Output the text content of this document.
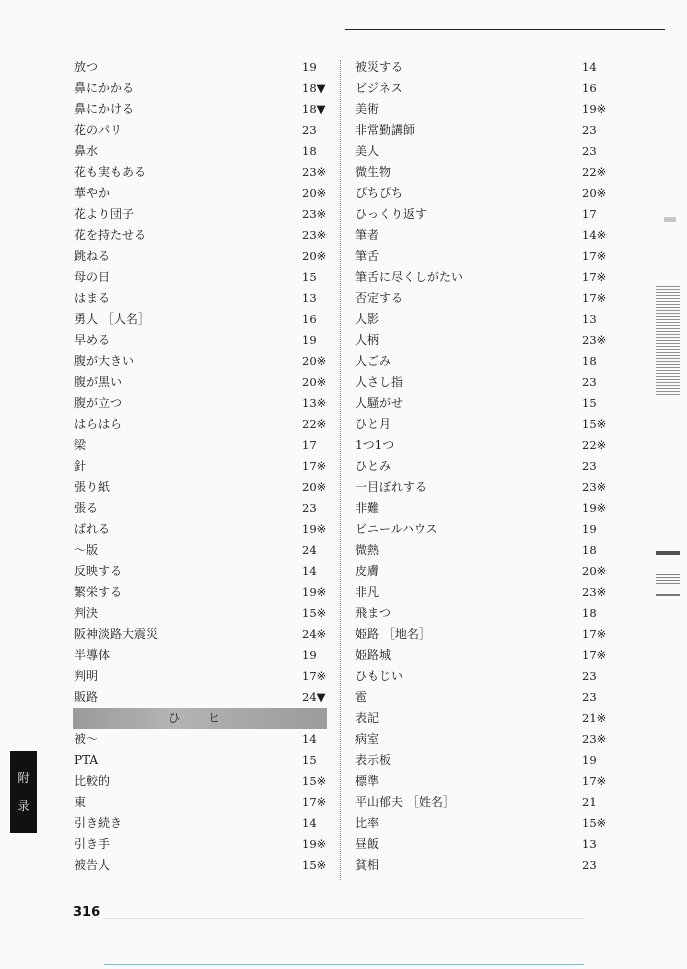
放つ	19
鼻にかかる	18▼
鼻にかける	18▼
花のパリ	23
鼻水	18
花も実もある	23※
華やか	20※
花より団子	23※
花を持たせる	23※
跳ねる	20※
母の日	15
はまる	13
勇人 ［人名］	16
早める	19
腹が大きい	20※
腹が黒い	20※
腹が立つ	13※
はらはら	22※
梁	17
針	17※
張り紙	20※
張る	23
ばれる	19※
～版	24
反映する	14
繁栄する	19※
判決	15※
阪神淡路大震災	24※
半導体	19
判明	17※
販路	24▼
ひ ヒ
被～	14
PTA	15
比較的	15※
東	17※
引き続き	14
引き手	19※
被告人	15※
被災する	14
ビジネス	16
美術	19※
非常勤講師	23
美人	23
微生物	22※
ぴちぴち	20※
ひっくり返す	17
筆者	14※
筆舌	17※
筆舌に尽くしがたい	17※
否定する	17※
人影	13
人柄	23※
人ごみ	18
人さし指	23
人騒がせ	15
ひと月	15※
1つ1つ	22※
ひとみ	23
一目ぼれする	23※
非難	19※
ビニールハウス	19
微熱	18
皮膚	20※
非凡	23※
飛まつ	18
姫路 ［地名］	17※
姫路城	17※
ひもじい	23
雹	23
表記	21※
病室	23※
表示板	19
標準	17※
平山郁夫 ［姓名］	21
比率	15※
昼飯	13
貧相	23
附
录
316
